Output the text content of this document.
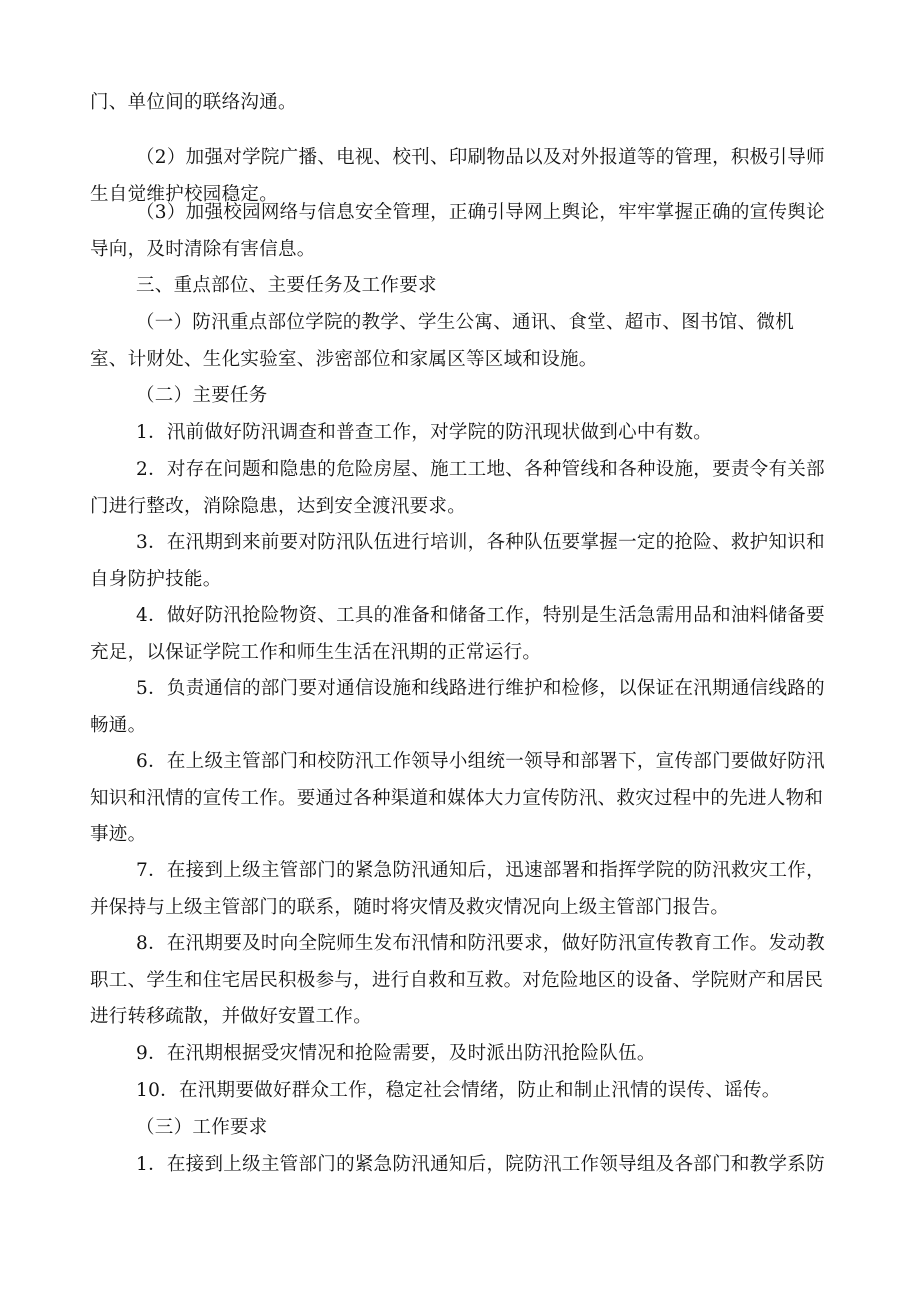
门、单位间的联络沟通。

（2）加强对学院广播、电视、校刊、印刷物品以及对外报道等的管理，积极引导师生自觉维护校园稳定。

（3）加强校园网络与信息安全管理，正确引导网上舆论，牢牢掌握正确的宣传舆论导向，及时清除有害信息。

三、重点部位、主要任务及工作要求

（一）防汛重点部位学院的教学、学生公寓、通讯、食堂、超市、图书馆、微机室、计财处、生化实验室、涉密部位和家属区等区域和设施。

（二）主要任务

1．汛前做好防汛调查和普查工作，对学院的防汛现状做到心中有数。

2．对存在问题和隐患的危险房屋、施工工地、各种管线和各种设施，要责令有关部门进行整改，消除隐患，达到安全渡汛要求。

3．在汛期到来前要对防汛队伍进行培训，各种队伍要掌握一定的抢险、救护知识和自身防护技能。

4．做好防汛抢险物资、工具的准备和储备工作，特别是生活急需用品和油料储备要充足，以保证学院工作和师生生活在汛期的正常运行。

5．负责通信的部门要对通信设施和线路进行维护和检修，以保证在汛期通信线路的畅通。

6．在上级主管部门和校防汛工作领导小组统一领导和部署下，宣传部门要做好防汛知识和汛情的宣传工作。要通过各种渠道和媒体大力宣传防汛、救灾过程中的先进人物和事迹。

7．在接到上级主管部门的紧急防汛通知后，迅速部署和指挥学院的防汛救灾工作，并保持与上级主管部门的联系，随时将灾情及救灾情况向上级主管部门报告。

8．在汛期要及时向全院师生发布汛情和防汛要求，做好防汛宣传教育工作。发动教职工、学生和住宅居民积极参与，进行自救和互救。对危险地区的设备、学院财产和居民进行转移疏散，并做好安置工作。

9．在汛期根据受灾情况和抢险需要，及时派出防汛抢险队伍。

10．在汛期要做好群众工作，稳定社会情绪，防止和制止汛情的误传、谣传。

（三）工作要求

1．在接到上级主管部门的紧急防汛通知后，院防汛工作领导组及各部门和教学系防
